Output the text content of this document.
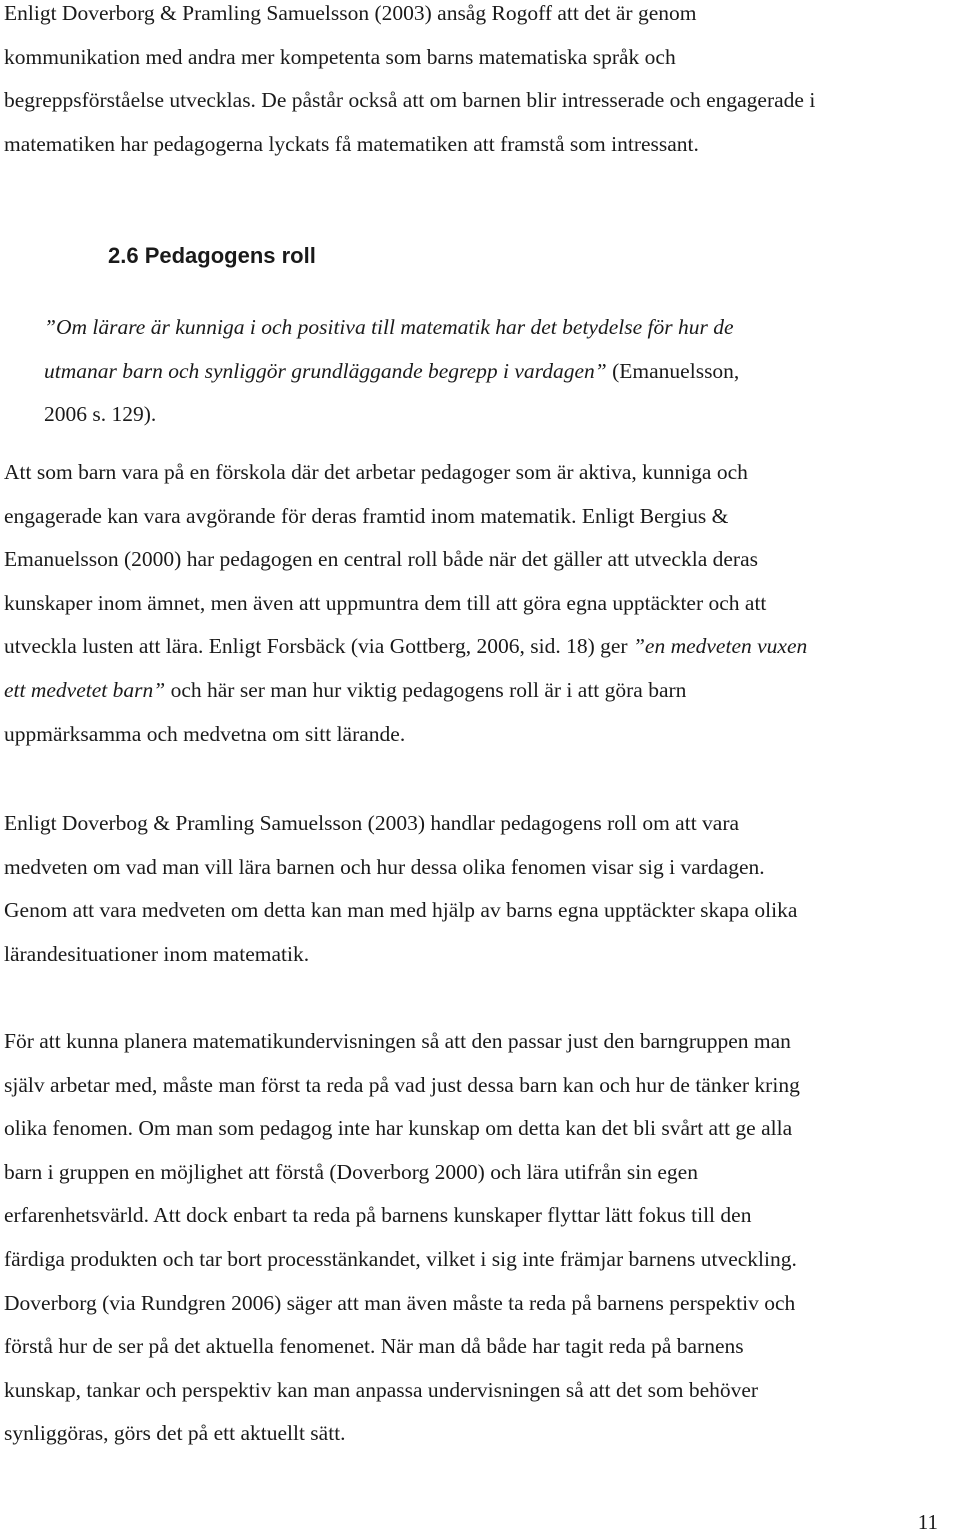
Enligt Doverborg & Pramling Samuelsson (2003) ansåg Rogoff att det är genom
kommunikation med andra mer kompetenta som barns matematiska språk och
begreppsförståelse utvecklas. De påstår också att om barnen blir intresserade och engagerade i
matematiken har pedagogerna lyckats få matematiken att framstå som intressant.

2.6 Pedagogens roll

”Om lärare är kunniga i och positiva till matematik har det betydelse för hur de
utmanar barn och synliggör grundläggande begrepp i vardagen” (Emanuelsson,
2006 s. 129).

Att som barn vara på en förskola där det arbetar pedagoger som är aktiva, kunniga och
engagerade kan vara avgörande för deras framtid inom matematik. Enligt Bergius &
Emanuelsson (2000) har pedagogen en central roll både när det gäller att utveckla deras
kunskaper inom ämnet, men även att uppmuntra dem till att göra egna upptäckter och att
utveckla lusten att lära. Enligt Forsbäck (via Gottberg, 2006, sid. 18) ger ”en medveten vuxen
ett medvetet barn” och här ser man hur viktig pedagogens roll är i att göra barn
uppmärksamma och medvetna om sitt lärande.

Enligt Doverbog & Pramling Samuelsson (2003) handlar pedagogens roll om att vara
medveten om vad man vill lära barnen och hur dessa olika fenomen visar sig i vardagen.
Genom att vara medveten om detta kan man med hjälp av barns egna upptäckter skapa olika
lärandesituationer inom matematik.

För att kunna planera matematikundervisningen så att den passar just den barngruppen man
själv arbetar med, måste man först ta reda på vad just dessa barn kan och hur de tänker kring
olika fenomen. Om man som pedagog inte har kunskap om detta kan det bli svårt att ge alla
barn i gruppen en möjlighet att förstå (Doverborg 2000) och lära utifrån sin egen
erfarenhetsvärld. Att dock enbart ta reda på barnens kunskaper flyttar lätt fokus till den
färdiga produkten och tar bort processtänkandet, vilket i sig inte främjar barnens utveckling.
Doverborg (via Rundgren 2006) säger att man även måste ta reda på barnens perspektiv och
förstå hur de ser på det aktuella fenomenet. När man då både har tagit reda på barnens
kunskap, tankar och perspektiv kan man anpassa undervisningen så att det som behöver
synliggöras, görs det på ett aktuellt sätt.

11
